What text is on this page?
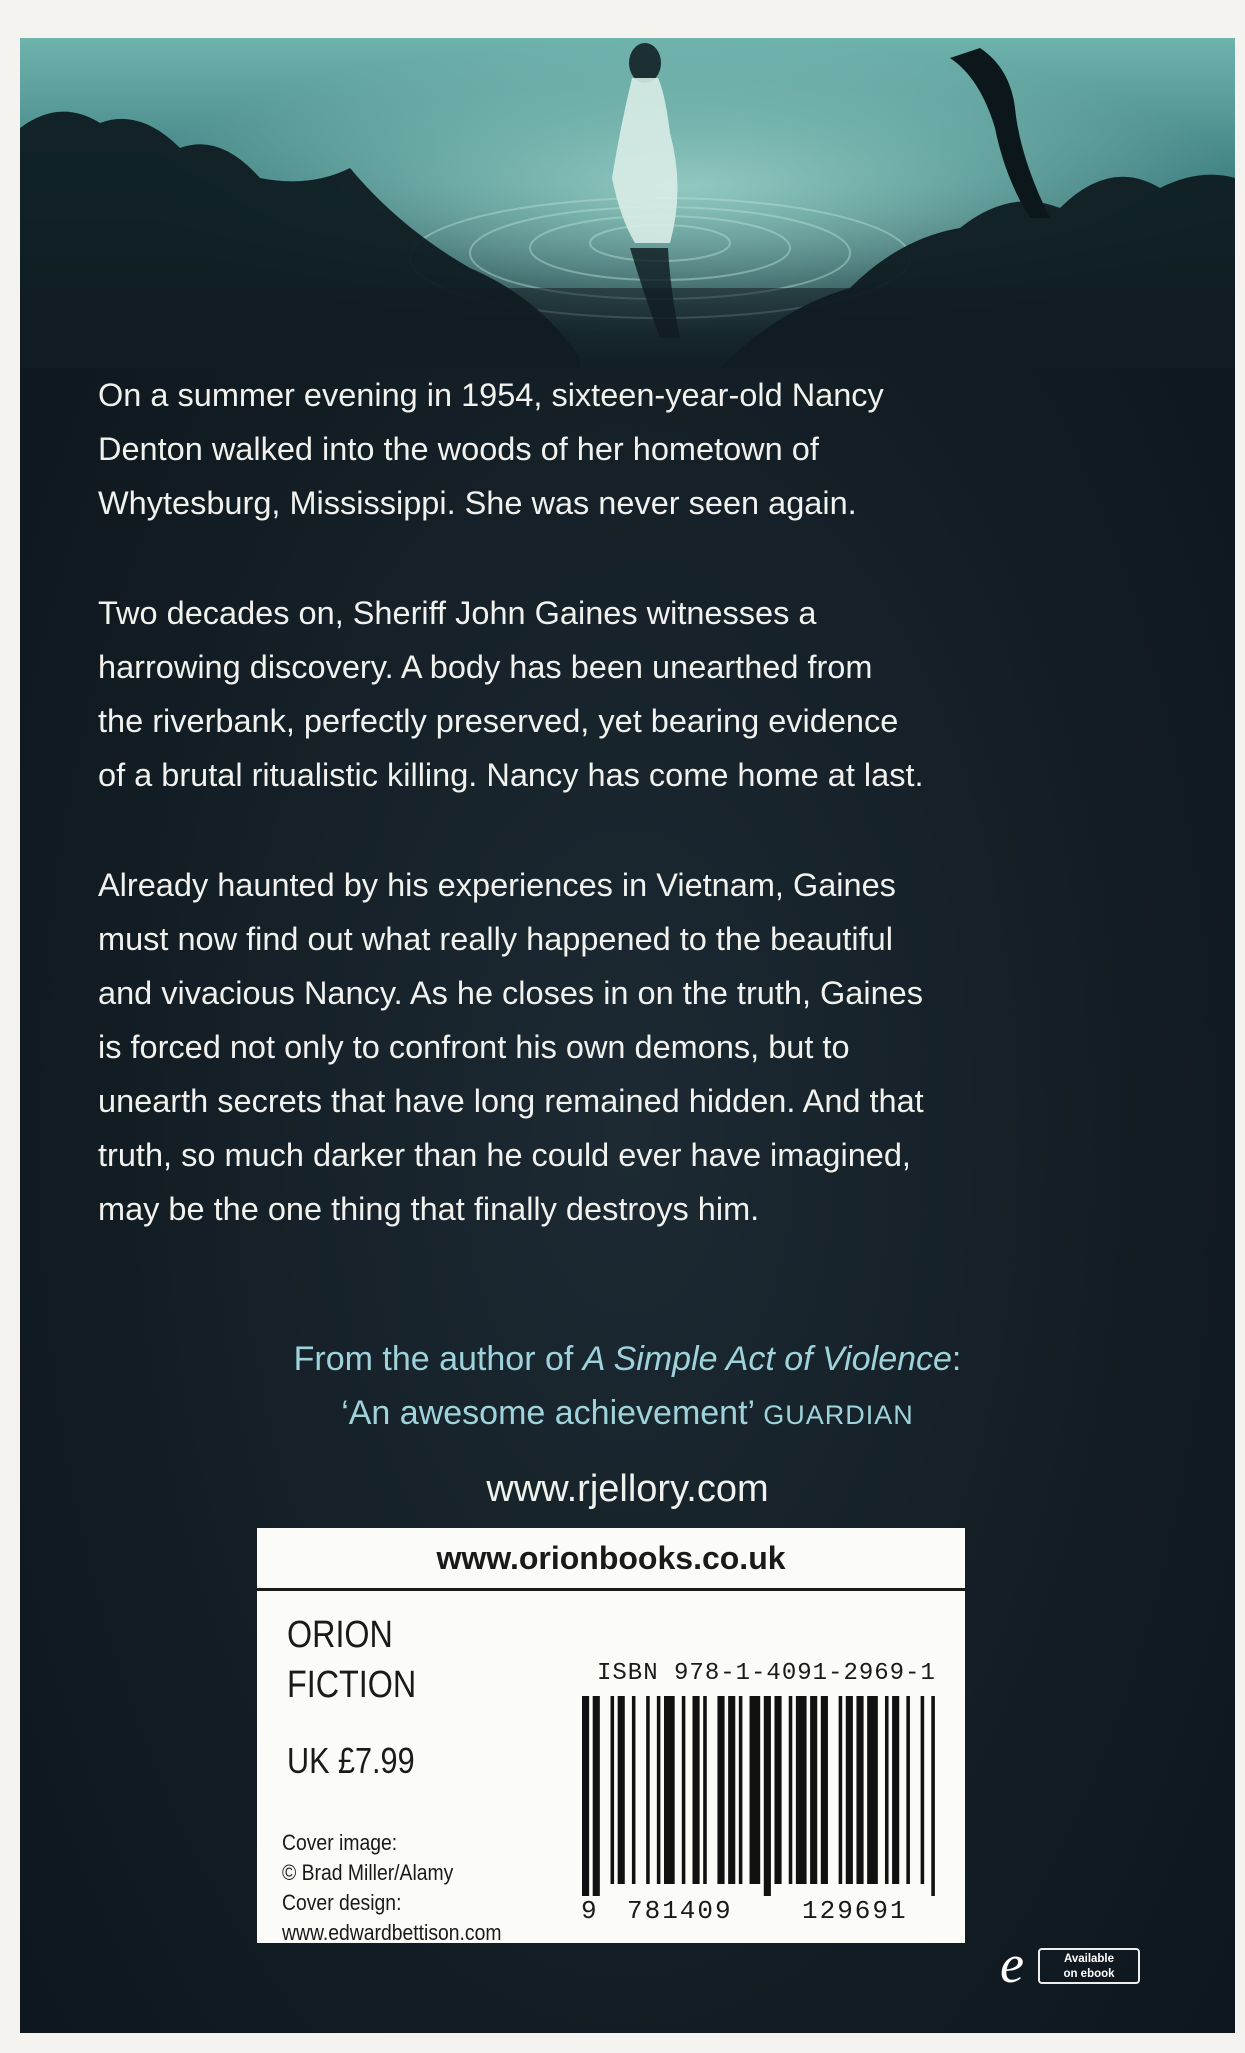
On a summer evening in 1954, sixteen-year-old Nancy
Denton walked into the woods of her hometown of
Whytesburg, Mississippi. She was never seen again.

Two decades on, Sheriff John Gaines witnesses a
harrowing discovery. A body has been unearthed from
the riverbank, perfectly preserved, yet bearing evidence
of a brutal ritualistic killing. Nancy has come home at last.

Already haunted by his experiences in Vietnam, Gaines
must now find out what really happened to the beautiful
and vivacious Nancy. As he closes in on the truth, Gaines
is forced not only to confront his own demons, but to
unearth secrets that have long remained hidden. And that
truth, so much darker than he could ever have imagined,
may be the one thing that finally destroys him.

From the author of A Simple Act of Violence:
‘An awesome achievement’ GUARDIAN
www.rjellory.com
www.orionbooks.co.uk
ORION
FICTION
UK £7.99
Cover image:
© Brad Miller/Alamy
Cover design:
www.edwardbettison.com
ISBN 978-1-4091-2969-1
9 781409	129691
e	Available
on ebook
